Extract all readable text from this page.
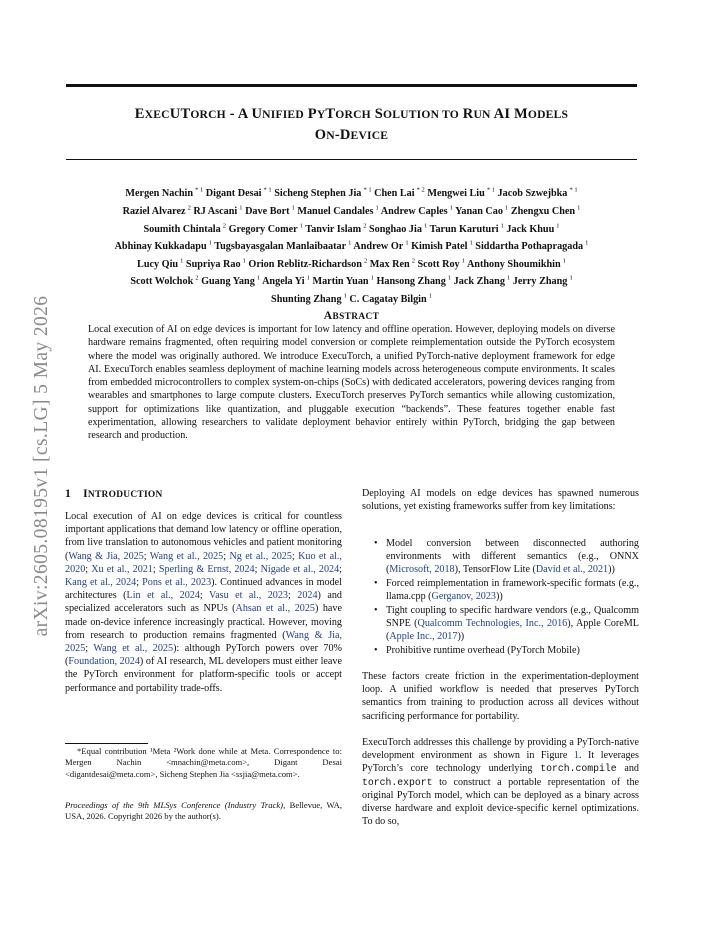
arXiv:2605.08195v1 [cs.LG] 5 May 2026
EXECUTORCH - A UNIFIED PYTORCH SOLUTION TO RUN AI MODELS
ON-DEVICE
Mergen Nachin  $^{* 1}$ Digant Desai  $^{* 1}$ Sicheng Stephen Jia  $^{* 1}$ Chen Lai  $^{* 2}$ Mengwei Liu  $^{* 1}$ Jacob Szwejbka  $^{* 1}$
Raziel Alvarez  $^2$ RJ Ascani  $^1$ Dave Bort  $^1$ Manuel Candales  $^1$ Andrew Caples  $^1$ Yanan Cao  $^1$ Zhengxu Chen  $^1$
Soumith Chintala  $^2$ Gregory Comer  $^1$ Tanvir Islam  $^2$ Songhao Jia  $^1$ Tarun Karuturi  $^1$ Jack Khuu  $^1$
Abhinay Kukkadapu  $^1$ Tugsbayasgalan Manlaibaatar  $^1$ Andrew Or  $^1$ Kimish Patel  $^1$ Siddartha Pothapragada  $^1$
Lucy Qiu  $^1$ Supriya Rao  $^1$ Orion Reblitz-Richardson  $^2$ Max Ren  $^2$ Scott Roy  $^1$ Anthony Shoumikhin  $^1$
Scott Wolchok  $^2$ Guang Yang  $^1$ Angela Yi  $^1$ Martin Yuan  $^1$ Hansong Zhang  $^1$ Jack Zhang  $^1$ Jerry Zhang  $^1$
Shunting Zhang  $^1$ C. Cagatay Bilgin  $^1$
ABSTRACT
Local execution of AI on edge devices is important for low latency and offline operation. However, deploying models on diverse hardware remains fragmented, often requiring model conversion or complete reimplementation outside the PyTorch ecosystem where the model was originally authored. We introduce ExecuTorch, a unified PyTorch-native deployment framework for edge AI. ExecuTorch enables seamless deployment of machine learning models across heterogeneous compute environments. It scales from embedded microcontrollers to complex system-on-chips (SoCs) with dedicated accelerators, powering devices ranging from wearables and smartphones to large compute clusters. ExecuTorch preserves PyTorch semantics while allowing customization, support for optimizations like quantization, and pluggable execution “backends”. These features together enable fast experimentation, allowing researchers to validate deployment behavior entirely within PyTorch, bridging the gap between research and production.
1 INTRODUCTION
Local execution of AI on edge devices is critical for countless important applications that demand low latency or offline operation, from live translation to autonomous vehicles and patient monitoring (Wang & Jia, 2025; Wang et al., 2025; Ng et al., 2025; Kuo et al., 2020; Xu et al., 2021; Sperling & Ernst, 2024; Nigade et al., 2024; Kang et al., 2024; Pons et al., 2023). Continued advances in model architectures (Lin et al., 2024; Vasu et al., 2023; 2024) and specialized accelerators such as NPUs (Ahsan et al., 2025) have made on-device inference increasingly practical. However, moving from research to production remains fragmented (Wang & Jia, 2025; Wang et al., 2025): although PyTorch powers over 70% (Foundation, 2024) of AI research, ML developers must either leave the PyTorch environment for platform-specific tools or accept performance and portability trade-offs.

*Equal contribution ¹Meta ²Work done while at Meta. Correspondence to: Mergen Nachin <mnachin@meta.com>, Digant Desai <digantdesai@meta.com>, Sicheng Stephen Jia <ssjia@meta.com>.

Proceedings of the 9th MLSys Conference (Industry Track), Bellevue, WA, USA, 2026. Copyright 2026 by the author(s).
Deploying AI models on edge devices has spawned numerous solutions, yet existing frameworks suffer from key limitations:
• Model conversion between disconnected authoring environments with different semantics (e.g., ONNX (Microsoft, 2018), TensorFlow Lite (David et al., 2021))
• Forced reimplementation in framework-specific formats (e.g., llama.cpp (Gerganov, 2023))
• Tight coupling to specific hardware vendors (e.g., Qualcomm SNPE (Qualcomm Technologies, Inc., 2016), Apple CoreML (Apple Inc., 2017))
• Prohibitive runtime overhead (PyTorch Mobile)
These factors create friction in the experimentation-deployment loop. A unified workflow is needed that preserves PyTorch semantics from training to production across all devices without sacrificing performance for portability.
ExecuTorch addresses this challenge by providing a PyTorch-native development environment as shown in Figure 1. It leverages PyTorch’s core technology underlying torch.compile and torch.export to construct a portable representation of the original PyTorch model, which can be deployed as a binary across diverse hardware and exploit device-specific kernel optimizations. To do so,
